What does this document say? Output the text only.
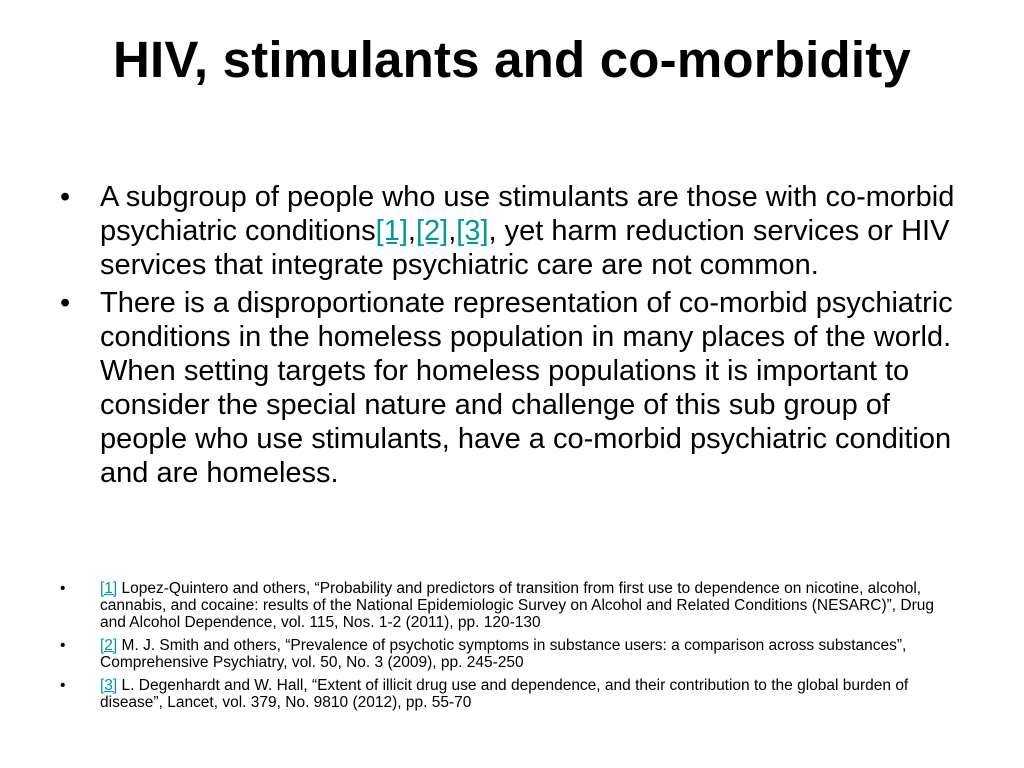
HIV, stimulants and co-morbidity
• A subgroup of people who use stimulants are those with co-morbid psychiatric conditions[1],[2],[3], yet harm reduction services or HIV services that integrate psychiatric care are not common.
• There is a disproportionate representation of co-morbid psychiatric conditions in the homeless population in many places of the world. When setting targets for homeless populations it is important to consider the special nature and challenge of this sub group of people who use stimulants, have a co-morbid psychiatric condition and are homeless.
• [1] Lopez-Quintero and others, “Probability and predictors of transition from first use to dependence on nicotine, alcohol, cannabis, and cocaine: results of the National Epidemiologic Survey on Alcohol and Related Conditions (NESARC)”, Drug and Alcohol Dependence, vol. 115, Nos. 1-2 (2011), pp. 120-130
• [2] M. J. Smith and others, “Prevalence of psychotic symptoms in substance users: a comparison across substances”, Comprehensive Psychiatry, vol. 50, No. 3 (2009), pp. 245-250
• [3] L. Degenhardt and W. Hall, “Extent of illicit drug use and dependence, and their contribution to the global burden of disease”, Lancet, vol. 379, No. 9810 (2012), pp. 55-70
